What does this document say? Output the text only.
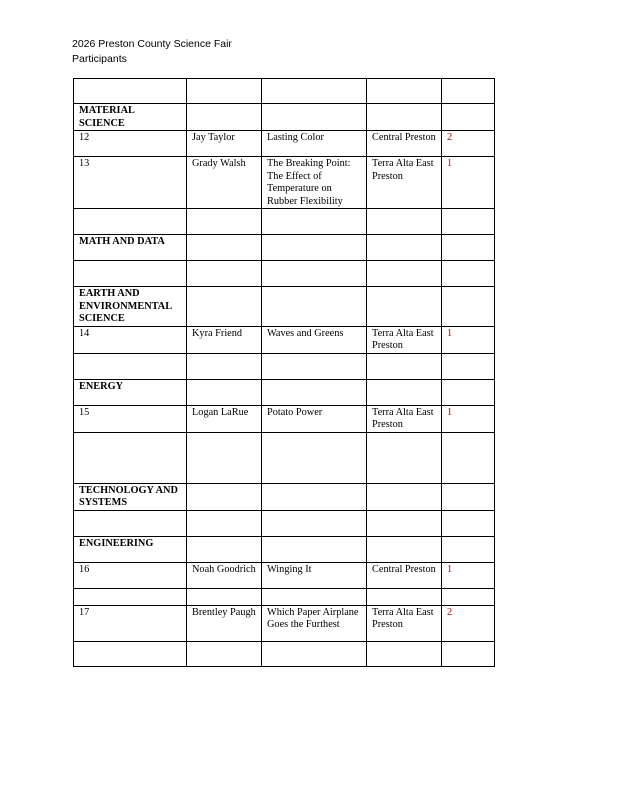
2026 Preston County Science Fair
Participants

MATERIAL SCIENCE				
12	Jay Taylor	Lasting Color	Central Preston	2
13	Grady Walsh	The Breaking Point: The Effect of Temperature on Rubber Flexibility	Terra Alta East Preston	1

MATH AND DATA				

EARTH AND ENVIRONMENTAL SCIENCE				
14	Kyra Friend	Waves and Greens	Terra Alta East Preston	1

ENERGY				
15	Logan LaRue	Potato Power	Terra Alta East Preston	1

TECHNOLOGY AND SYSTEMS				

ENGINEERING				
16	Noah Goodrich	Winging It	Central Preston	1

17	Brentley Paugh	Which Paper Airplane Goes the Furthest	Terra Alta East Preston	2
